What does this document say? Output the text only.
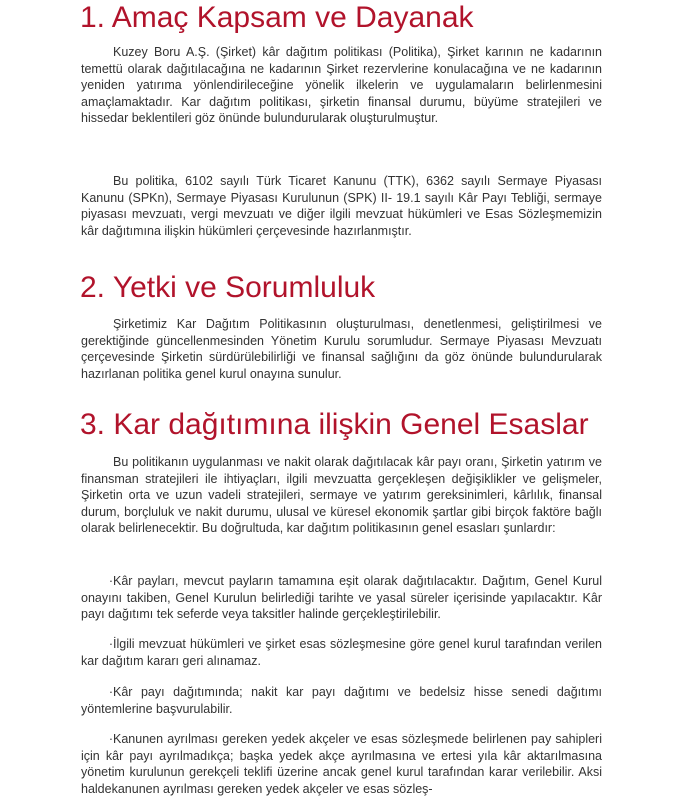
1. Amaç Kapsam ve Dayanak

Kuzey Boru A.Ş. (Şirket) kâr dağıtım politikası (Politika), Şirket karının ne kadarının temettü olarak dağıtılacağına ne kadarının Şirket rezervlerine konulacağına ve ne kadarının yeniden yatırıma yönlendirileceğine yönelik ilkelerin ve uygulamaların belirlenmesini amaçlamaktadır. Kar dağıtım politikası, şirketin finansal durumu, büyüme stratejileri ve hissedar beklentileri göz önünde bulundurularak oluşturulmuştur.

Bu politika, 6102 sayılı Türk Ticaret Kanunu (TTK), 6362 sayılı Sermaye Piyasası Kanunu (SPKn), Sermaye Piyasası Kurulunun (SPK) II- 19.1 sayılı Kâr Payı Tebliği, sermaye piyasası mevzuatı, vergi mevzuatı ve diğer ilgili mevzuat hükümleri ve Esas Sözleşmemizin kâr dağıtımına ilişkin hükümleri çerçevesinde hazırlanmıştır.

2. Yetki ve Sorumluluk

Şirketimiz Kar Dağıtım Politikasının oluşturulması, denetlenmesi, geliştirilmesi ve gerektiğinde güncellenmesinden Yönetim Kurulu sorumludur. Sermaye Piyasası Mevzuatı çerçevesinde Şirketin sürdürülebilirliği ve finansal sağlığını da göz önünde bulundurularak hazırlanan politika genel kurul onayına sunulur.

3. Kar dağıtımına ilişkin Genel Esaslar

Bu politikanın uygulanması ve nakit olarak dağıtılacak kâr payı oranı, Şirketin yatırım ve finansman stratejileri ile ihtiyaçları, ilgili mevzuatta gerçekleşen değişiklikler ve gelişmeler, Şirketin orta ve uzun vadeli stratejileri, sermaye ve yatırım gereksinimleri, kârlılık, finansal durum, borçluluk ve nakit durumu, ulusal ve küresel ekonomik şartlar gibi birçok faktöre bağlı olarak belirlenecektir. Bu doğrultuda, kar dağıtım politikasının genel esasları şunlardır:

·Kâr payları, mevcut payların tamamına eşit olarak dağıtılacaktır. Dağıtım, Genel Kurul onayını takiben, Genel Kurulun belirlediği tarihte ve yasal süreler içerisinde yapılacaktır. Kâr payı dağıtımı tek seferde veya taksitler halinde gerçekleştirilebilir.

·İlgili mevzuat hükümleri ve şirket esas sözleşmesine göre genel kurul tarafından verilen kar dağıtım kararı geri alınamaz.

·Kâr payı dağıtımında; nakit kar payı dağıtımı ve bedelsiz hisse senedi dağıtımı yöntemlerine başvurulabilir.

·Kanunen ayrılması gereken yedek akçeler ve esas sözleşmede belirlenen pay sahipleri için kâr payı ayrılmadıkça; başka yedek akçe ayrılmasına ve ertesi yıla kâr aktarılmasına yönetim kurulunun gerekçeli teklifi üzerine ancak genel kurul tarafından karar verilebilir. Aksi haldekanunen ayrılması gereken yedek akçeler ve esas sözleş-
